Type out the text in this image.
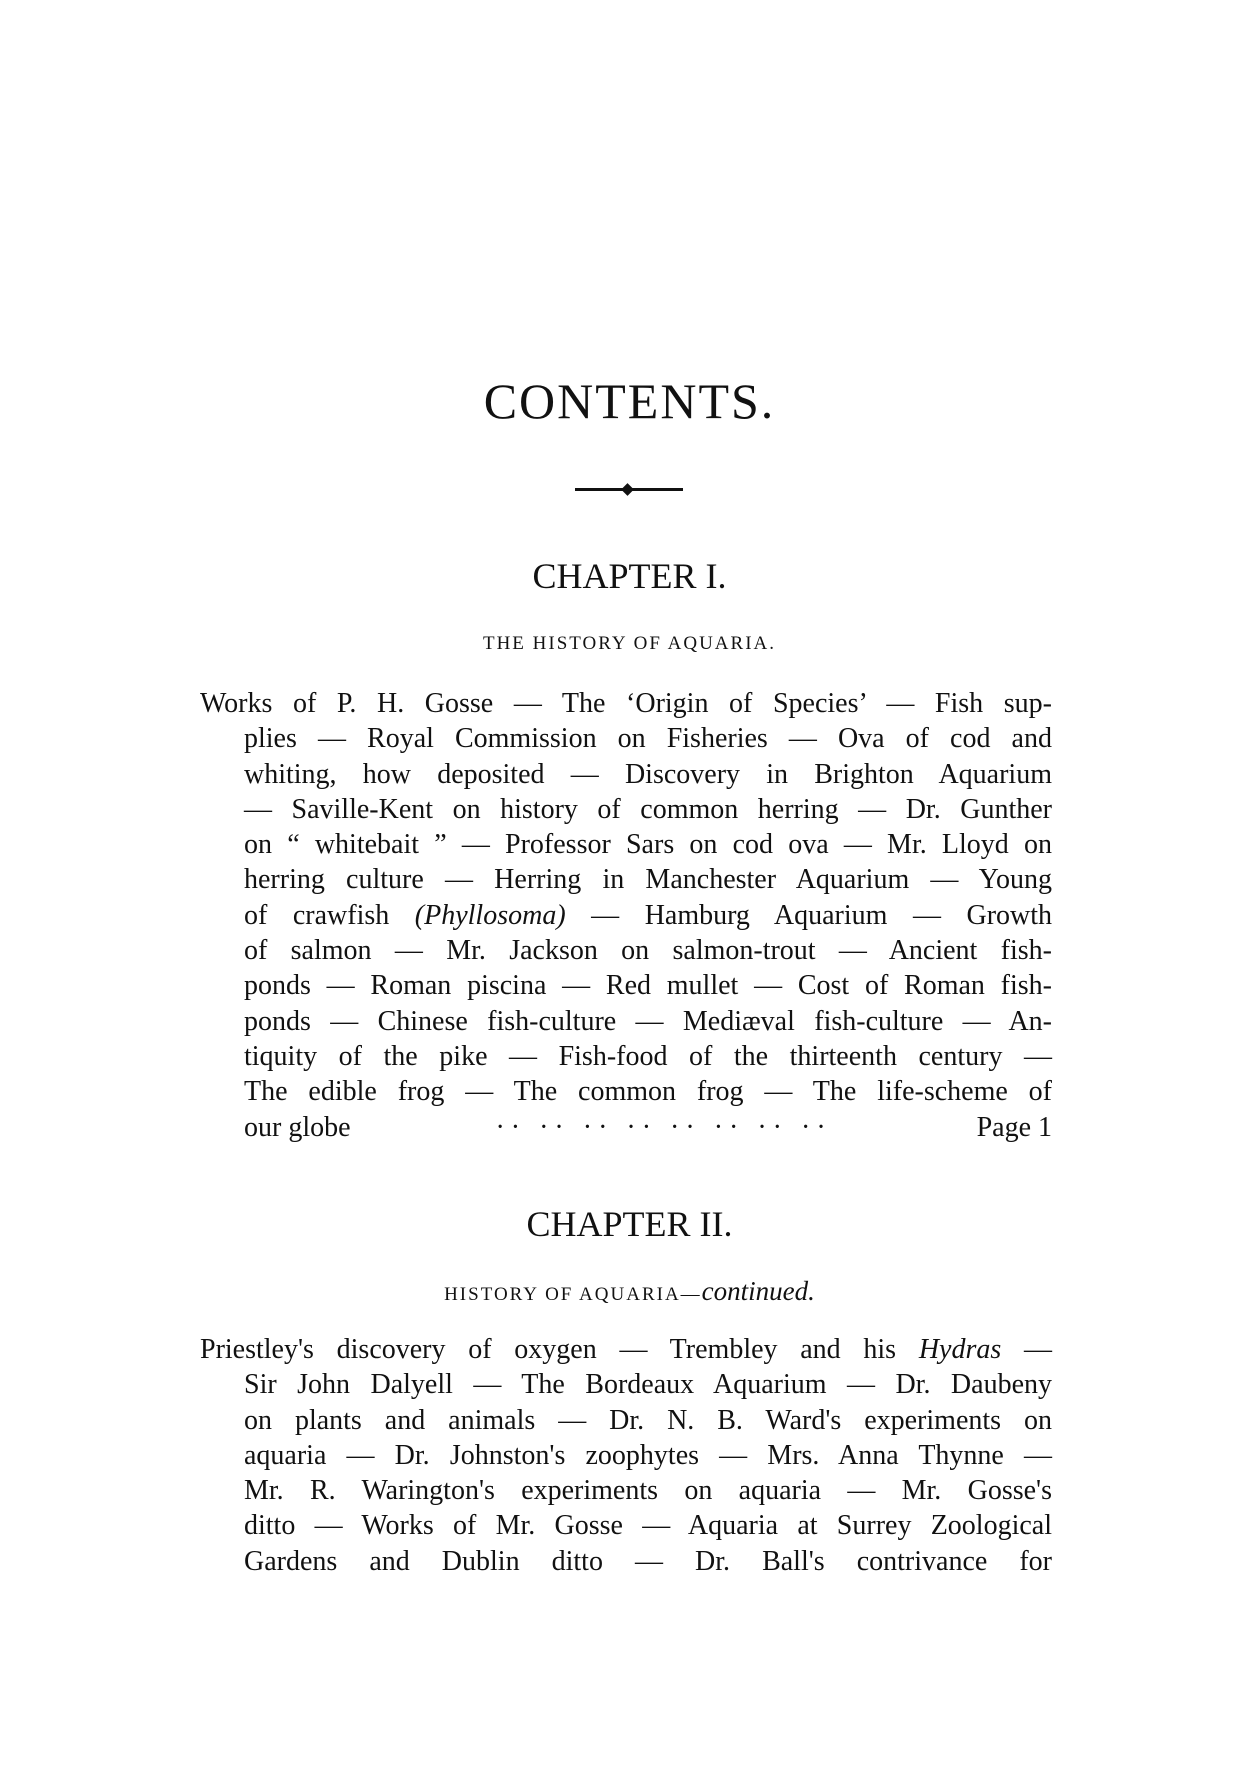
CONTENTS.
CHAPTER I.
THE HISTORY OF AQUARIA.
Works of P. H. Gosse — The ‘Origin of Species’ — Fish sup-
plies — Royal Commission on Fisheries — Ova of cod and
whiting, how deposited — Discovery in Brighton Aquarium
— Saville-Kent on history of common herring — Dr. Gunther
on “ whitebait ” — Professor Sars on cod ova — Mr. Lloyd on
herring culture — Herring in Manchester Aquarium — Young
of crawfish (Phyllosoma) — Hamburg Aquarium — Growth
of salmon — Mr. Jackson on salmon-trout — Ancient fish-
ponds — Roman piscina — Red mullet — Cost of Roman fish-
ponds — Chinese fish-culture — Mediæval fish-culture — An-
tiquity of the pike — Fish-food of the thirteenth century —
The edible frog — The common frog — The life-scheme of
our globe	·· ·· ·· ·· ·· ·· ·· ··	Page 1
CHAPTER II.
HISTORY OF AQUARIA—continued.
Priestley's discovery of oxygen — Trembley and his Hydras —
Sir John Dalyell — The Bordeaux Aquarium — Dr. Daubeny
on plants and animals — Dr. N. B. Ward's experiments on
aquaria — Dr. Johnston's zoophytes — Mrs. Anna Thynne —
Mr. R. Warington's experiments on aquaria — Mr. Gosse's
ditto — Works of Mr. Gosse — Aquaria at Surrey Zoological
Gardens and Dublin ditto — Dr. Ball's contrivance for
